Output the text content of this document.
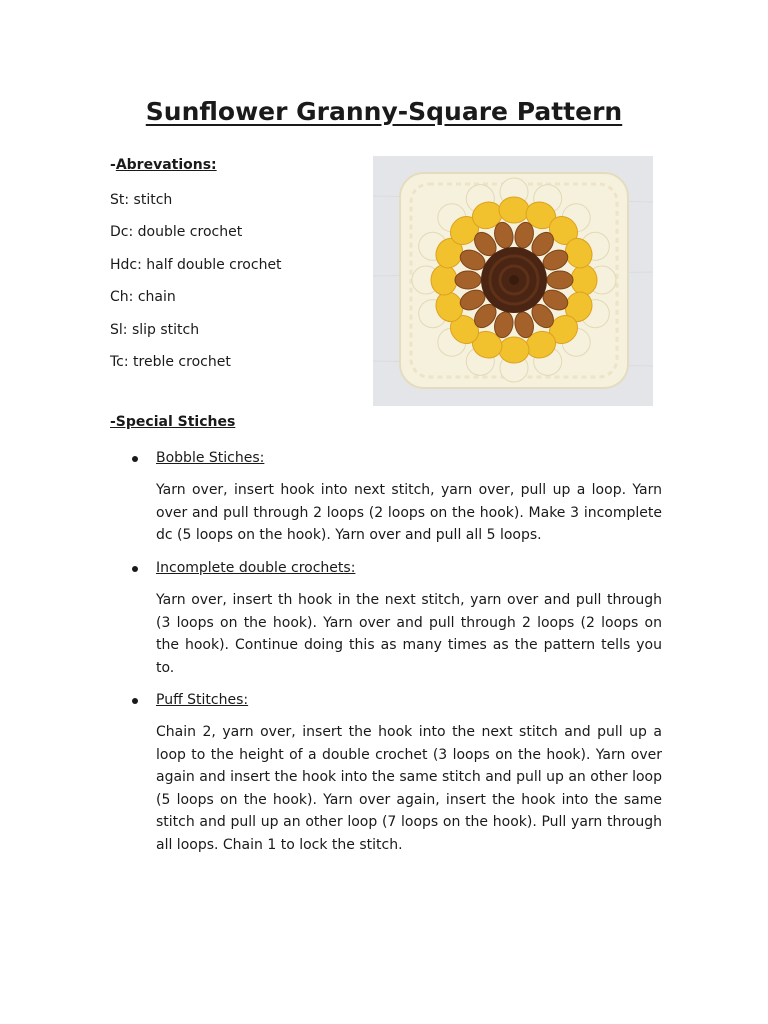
Sunflower Granny-Square Pattern
-Abrevations:
St: stitch
Dc: double crochet
Hdc: half double crochet
Ch: chain
Sl: slip stitch
Tc: treble crochet
-Special Stiches
Bobble Stiches:

Yarn over, insert hook into next stitch, yarn over, pull up a loop. Yarn over and pull through 2 loops (2 loops on the hook). Make 3 incomplete dc (5 loops on the hook). Yarn over and pull all 5 loops.

Incomplete double crochets:

Yarn over, insert th hook in the next stitch, yarn over and pull through (3 loops on the hook). Yarn over and pull through 2 loops (2 loops on the hook). Continue doing this as many times as the pattern tells you to.

Puff Stitches:

Chain 2, yarn over, insert the hook into the next stitch and pull up a loop to the height of a double crochet (3 loops on the hook). Yarn over again and insert the hook into the same stitch and pull up an other loop (5 loops on the hook). Yarn over again, insert the hook into the same stitch and pull up an other loop (7 loops on the hook). Pull yarn through all loops. Chain 1 to lock the stitch.
